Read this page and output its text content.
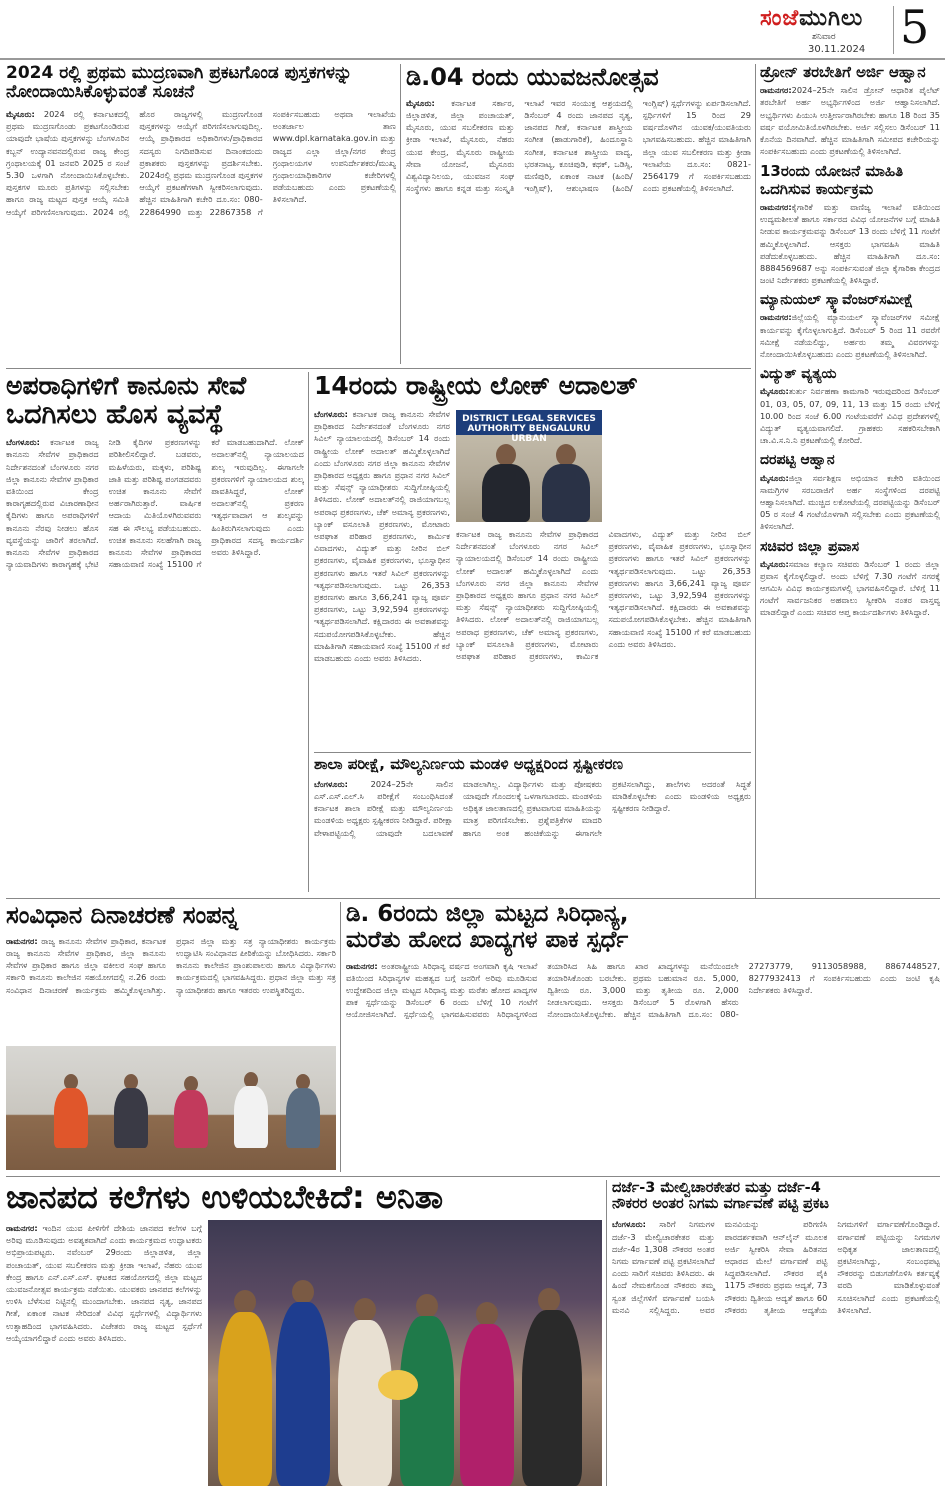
ಸಂಜೆಮುಗಿಲು
ಶನಿವಾರ
30.11.2024 5
2024 ರಲ್ಲಿ ಪ್ರಥಮ ಮುದ್ರಣವಾಗಿ ಪ್ರಕಟಗೊಂಡ ಪುಸ್ತಕಗಳನ್ನು ನೋಂದಾಯಿಸಿಕೊಳ್ಳುವಂತೆ ಸೂಚನೆ
ಮೈಸೂರು: 2024 ರಲ್ಲಿ ಕರ್ನಾಟಕದಲ್ಲಿ ಪ್ರಥಮ ಮುದ್ರಣಗೊಂಡು ಪ್ರಕಟಗೊಂಡಿರುವ ಯಾವುದೇ ಭಾಷೆಯ ಪುಸ್ತಕಗಳನ್ನು ಬೆಂಗಳೂರಿನ ಕಬ್ಬನ್ ಉದ್ಯಾನವನದಲ್ಲಿರುವ ರಾಜ್ಯ ಕೇಂದ್ರ ಗ್ರಂಥಾಲಯಕ್ಕೆ 01 ಜನವರಿ 2025 ರ ಸಂಜೆ 5.30 ಒಳಗಾಗಿ ನೋಂದಾಯಿಸಿಕೊಳ್ಳಬೇಕು. ಪುಸ್ತಕಗಳ ಮೂರು ಪ್ರತಿಗಳನ್ನು ಸಲ್ಲಿಸಬೇಕು ಹಾಗೂ ರಾಜ್ಯ ಮಟ್ಟದ ಪುಸ್ತಕ ಆಯ್ಕೆ ಸಮಿತಿ ಆಯ್ಕೆಗೆ ಪರಿಗಣಿಸಲಾಗುವುದು. 2024 ರಲ್ಲಿ ಹೊರ ರಾಜ್ಯಗಳಲ್ಲಿ ಮುದ್ರಣಗೊಂಡ ಪುಸ್ತಕಗಳನ್ನು ಆಯ್ಕೆಗೆ ಪರಿಗಣಿಸಲಾಗುವುದಿಲ್ಲ. ಆಯ್ಕೆ ಪ್ರಾಧಿಕಾರದ ಅಧಿಕಾರಿಗಳು/ಪ್ರಾಧಿಕಾರದ ಸದಸ್ಯರು ನಿಗದಿಪಡಿಸುವ ದಿನಾಂಕದಂದು ಪ್ರಕಾಶಕರು ಪುಸ್ತಕಗಳನ್ನು ಪ್ರದರ್ಶಿಸಬೇಕು. 2024ರಲ್ಲಿ ಪ್ರಥಮ ಮುದ್ರಣಗೊಂಡ ಪುಸ್ತಕಗಳ ಆಯ್ಕೆಗೆ ಪ್ರಕಟಣೆಗಳಾಗಿ ಸ್ವೀಕರಿಸಲಾಗುವುದು. ಹೆಚ್ಚಿನ ಮಾಹಿತಿಗಾಗಿ ಕಚೇರಿ ದೂ.ಸಂ: 080-22864990 ಮತ್ತು 22867358 ಗೆ ಸಂಪರ್ಕಿಸಬಹುದು ಅಥವಾ ಇಲಾಖೆಯ ಅಂತರ್ಜಾಲ ತಾಣ www.dpl.karnataka.gov.in ಮತ್ತು ರಾಜ್ಯದ ಎಲ್ಲಾ ಜಿಲ್ಲಾ/ನಗರ ಕೇಂದ್ರ ಗ್ರಂಥಾಲಯಗಳ ಉಪನಿರ್ದೇಶಕರು/ಮುಖ್ಯ ಗ್ರಂಥಾಲಯಾಧಿಕಾರಿಗಳ ಕಚೇರಿಗಳಲ್ಲಿ ಪಡೆಯಬಹುದು ಎಂದು ಪ್ರಕಟಣೆಯಲ್ಲಿ ತಿಳಿಸಲಾಗಿದೆ.
ಡಿ.04 ರಂದು ಯುವಜನೋತ್ಸವ
ಮೈಸೂರು: ಕರ್ನಾಟಕ ಸರ್ಕಾರ, ಜಿಲ್ಲಾಡಳಿತ, ಜಿಲ್ಲಾ ಪಂಚಾಯತ್, ಮೈಸೂರು, ಯುವ ಸಬಲೀಕರಣ ಮತ್ತು ಕ್ರೀಡಾ ಇಲಾಖೆ, ಮೈಸೂರು, ನೆಹರು ಯುವ ಕೇಂದ್ರ, ಮೈಸೂರು ರಾಷ್ಟ್ರೀಯ ಸೇವಾ ಯೋಜನೆ, ಮೈಸೂರು ವಿಶ್ವವಿದ್ಯಾನಿಲಯ, ಯುವಜನ ಸಂಘ ಸಂಸ್ಥೆಗಳು ಹಾಗೂ ಕನ್ನಡ ಮತ್ತು ಸಂಸ್ಕೃತಿ ಇಲಾಖೆ ಇವರ ಸಂಯುಕ್ತ ಆಶ್ರಯದಲ್ಲಿ ಡಿಸೆಂಬರ್ 4 ರಂದು ಜಾನಪದ ನೃತ್ಯ, ಜಾನಪದ ಗೀತೆ, ಕರ್ನಾಟಕ ಶಾಸ್ತ್ರೀಯ ಸಂಗೀತ (ಹಾಡುಗಾರಿಕೆ), ಹಿಂದೂಸ್ಥಾನಿ ಸಂಗೀತ, ಕರ್ನಾಟಕ ಶಾಸ್ತ್ರೀಯ ವಾದ್ಯ, ಭರತನಾಟ್ಯ, ಕೂಚಿಪುಡಿ, ಕಥಕ್, ಒಡಿಸ್ಸಿ, ಮಣಿಪುರಿ, ಏಕಾಂಕ ನಾಟಕ (ಹಿಂದಿ/ಇಂಗ್ಲಿಷ್), ಆಶುಭಾಷಣ (ಹಿಂದಿ/ಇಂಗ್ಲಿಷ್) ಸ್ಪರ್ಧೆಗಳನ್ನು ಏರ್ಪಡಿಸಲಾಗಿದೆ. ಸ್ಪರ್ಧಿಗಳಿಗೆ 15 ರಿಂದ 29 ವರ್ಷದೊಳಗಿನ ಯುವಕ/ಯುವತಿಯರು ಭಾಗವಹಿಸಬಹುದು. ಹೆಚ್ಚಿನ ಮಾಹಿತಿಗಾಗಿ ಜಿಲ್ಲಾ ಯುವ ಸಬಲೀಕರಣ ಮತ್ತು ಕ್ರೀಡಾ ಇಲಾಖೆಯ ದೂ.ಸಂ: 0821-2564179 ಗೆ ಸಂಪರ್ಕಿಸಬಹುದು ಎಂದು ಪ್ರಕಟಣೆಯಲ್ಲಿ ತಿಳಿಸಲಾಗಿದೆ.
ಡ್ರೋನ್ ತರಬೇತಿಗೆ ಅರ್ಜಿ ಆಹ್ವಾನ
ರಾಮನಗರ:2024–25ನೇ ಸಾಲಿನ ಡ್ರೋನ್ ಆಧಾರಿತ ಪೈಲೆಟ್ ತರಬೇತಿಗೆ ಅರ್ಹ ಅಭ್ಯರ್ಥಿಗಳಿಂದ ಅರ್ಜಿ ಆಹ್ವಾನಿಸಲಾಗಿದೆ. ಅಭ್ಯರ್ಥಿಗಳು ಪಿಯುಸಿ ಉತ್ತೀರ್ಣರಾಗಿರಬೇಕು ಹಾಗೂ 18 ರಿಂದ 35 ವರ್ಷ ವಯೋಮಿತಿಯೊಳಗಿರಬೇಕು. ಅರ್ಜಿ ಸಲ್ಲಿಸಲು ಡಿಸೆಂಬರ್ 11 ಕೊನೆಯ ದಿನವಾಗಿದೆ. ಹೆಚ್ಚಿನ ಮಾಹಿತಿಗಾಗಿ ಸಮೀಪದ ಕಚೇರಿಯನ್ನು ಸಂಪರ್ಕಿಸಬಹುದು ಎಂದು ಪ್ರಕಟಣೆಯಲ್ಲಿ ತಿಳಿಸಲಾಗಿದೆ.
13ರಂದು ಯೋಜನೆ ಮಾಹಿತಿ ಒದಗಿಸುವ ಕಾರ್ಯಕ್ರಮ
ರಾಮನಗರ:ಕೈಗಾರಿಕೆ ಮತ್ತು ವಾಣಿಜ್ಯ ಇಲಾಖೆ ವತಿಯಿಂದ ಉದ್ಯಮಶೀಲತೆ ಹಾಗೂ ಸರ್ಕಾರದ ವಿವಿಧ ಯೋಜನೆಗಳ ಬಗ್ಗೆ ಮಾಹಿತಿ ನೀಡುವ ಕಾರ್ಯಕ್ರಮವನ್ನು ಡಿಸೆಂಬರ್ 13 ರಂದು ಬೆಳಿಗ್ಗೆ 11 ಗಂಟೆಗೆ ಹಮ್ಮಿಕೊಳ್ಳಲಾಗಿದೆ. ಆಸಕ್ತರು ಭಾಗವಹಿಸಿ ಮಾಹಿತಿ ಪಡೆದುಕೊಳ್ಳಬಹುದು. ಹೆಚ್ಚಿನ ಮಾಹಿತಿಗಾಗಿ ದೂ.ಸಂ: 8884569687 ಅನ್ನು ಸಂಪರ್ಕಿಸುವಂತೆ ಜಿಲ್ಲಾ ಕೈಗಾರಿಕಾ ಕೇಂದ್ರದ ಜಂಟಿ ನಿರ್ದೇಶಕರು ಪ್ರಕಟಣೆಯಲ್ಲಿ ತಿಳಿಸಿದ್ದಾರೆ.
ಮ್ಯಾನುಯಲ್ ಸ್ಕ್ಯಾವೆಂಜರ್‌ಸಮೀಕ್ಷೆ
ರಾಮನಗರ:ಜಿಲ್ಲೆಯಲ್ಲಿ ಮ್ಯಾನುಯಲ್ ಸ್ಕ್ಯಾವೆಂಜರ್‌ಗಳ ಸಮೀಕ್ಷೆ ಕಾರ್ಯವನ್ನು ಕೈಗೊಳ್ಳಲಾಗುತ್ತಿದೆ. ಡಿಸೆಂಬರ್ 5 ರಿಂದ 11 ರವರೆಗೆ ಸಮೀಕ್ಷೆ ನಡೆಯಲಿದ್ದು, ಅರ್ಹರು ತಮ್ಮ ವಿವರಗಳನ್ನು ನೋಂದಾಯಿಸಿಕೊಳ್ಳಬಹುದು ಎಂದು ಪ್ರಕಟಣೆಯಲ್ಲಿ ತಿಳಿಸಲಾಗಿದೆ.
ವಿದ್ಯುತ್ ವ್ಯತ್ಯಯ
ಮೈಸೂರು:ತುರ್ತು ನಿರ್ವಹಣಾ ಕಾಮಗಾರಿ ಇರುವುದರಿಂದ ಡಿಸೆಂಬರ್ 01, 03, 05, 07, 09, 11, 13 ಮತ್ತು 15 ರಂದು ಬೆಳಿಗ್ಗೆ 10.00 ರಿಂದ ಸಂಜೆ 6.00 ಗಂಟೆಯವರೆಗೆ ವಿವಿಧ ಪ್ರದೇಶಗಳಲ್ಲಿ ವಿದ್ಯುತ್ ವ್ಯತ್ಯಯವಾಗಲಿದೆ. ಗ್ರಾಹಕರು ಸಹಕರಿಸಬೇಕಾಗಿ ಚಾ.ವಿ.ಸ.ನಿ.ನಿ ಪ್ರಕಟಣೆಯಲ್ಲಿ ಕೋರಿದೆ.
ದರಪಟ್ಟಿ ಆಹ್ವಾನ
ಮೈಸೂರು:ಜಿಲ್ಲಾ ಸರ್ವಶಿಕ್ಷಣ ಅಭಿಯಾನ ಕಚೇರಿ ವತಿಯಿಂದ ಸಾಮಗ್ರಿಗಳ ಸರಬರಾಜಿಗೆ ಅರ್ಹ ಸಂಸ್ಥೆಗಳಿಂದ ದರಪಟ್ಟಿ ಆಹ್ವಾನಿಸಲಾಗಿದೆ. ಮುಚ್ಚಿದ ಲಕೋಟೆಯಲ್ಲಿ ದರಪಟ್ಟಿಯನ್ನು ಡಿಸೆಂಬರ್ 05 ರ ಸಂಜೆ 4 ಗಂಟೆಯೊಳಗಾಗಿ ಸಲ್ಲಿಸಬೇಕು ಎಂದು ಪ್ರಕಟಣೆಯಲ್ಲಿ ತಿಳಿಸಲಾಗಿದೆ.
ಸಚಿವರ ಜಿಲ್ಲಾ ಪ್ರವಾಸ
ಮೈಸೂರು:ಸಮಾಜ ಕಲ್ಯಾಣ ಸಚಿವರು ಡಿಸೆಂಬರ್ 1 ರಂದು ಜಿಲ್ಲಾ ಪ್ರವಾಸ ಕೈಗೊಳ್ಳಲಿದ್ದಾರೆ. ಅಂದು ಬೆಳಿಗ್ಗೆ 7.30 ಗಂಟೆಗೆ ನಗರಕ್ಕೆ ಆಗಮಿಸಿ ವಿವಿಧ ಕಾರ್ಯಕ್ರಮಗಳಲ್ಲಿ ಭಾಗವಹಿಸಲಿದ್ದಾರೆ. ಬೆಳಿಗ್ಗೆ 11 ಗಂಟೆಗೆ ಸಾರ್ವಜನಿಕರ ಅಹವಾಲು ಸ್ವೀಕರಿಸಿ ನಂತರ ವಾಸ್ತವ್ಯ ಮಾಡಲಿದ್ದಾರೆ ಎಂದು ಸಚಿವರ ಆಪ್ತ ಕಾರ್ಯದರ್ಶಿಗಳು ತಿಳಿಸಿದ್ದಾರೆ.
ಅಪರಾಧಿಗಳಿಗೆ ಕಾನೂನು ಸೇವೆ
ಒದಗಿಸಲು ಹೊಸ ವ್ಯವಸ್ಥೆ
ಬೆಂಗಳೂರು: ಕರ್ನಾಟಕ ರಾಜ್ಯ ಕಾನೂನು ಸೇವೆಗಳ ಪ್ರಾಧಿಕಾರದ ನಿರ್ದೇಶನದಂತೆ ಬೆಂಗಳೂರು ನಗರ ಜಿಲ್ಲಾ ಕಾನೂನು ಸೇವೆಗಳ ಪ್ರಾಧಿಕಾರ ವತಿಯಿಂದ ಕೇಂದ್ರ ಕಾರಾಗೃಹದಲ್ಲಿರುವ ವಿಚಾರಣಾಧೀನ ಕೈದಿಗಳು ಹಾಗೂ ಅಪರಾಧಿಗಳಿಗೆ ಕಾನೂನು ನೆರವು ನೀಡಲು ಹೊಸ ವ್ಯವಸ್ಥೆಯನ್ನು ಜಾರಿಗೆ ತರಲಾಗಿದೆ. ಕಾನೂನು ಸೇವೆಗಳ ಪ್ರಾಧಿಕಾರದ ನ್ಯಾಯವಾದಿಗಳು ಕಾರಾಗೃಹಕ್ಕೆ ಭೇಟಿ ನೀಡಿ ಕೈದಿಗಳ ಪ್ರಕರಣಗಳನ್ನು ಪರಿಶೀಲಿಸಲಿದ್ದಾರೆ. ಬಡವರು, ಮಹಿಳೆಯರು, ಮಕ್ಕಳು, ಪರಿಶಿಷ್ಟ ಜಾತಿ ಮತ್ತು ಪರಿಶಿಷ್ಟ ಪಂಗಡದವರು ಉಚಿತ ಕಾನೂನು ಸೇವೆಗೆ ಅರ್ಹರಾಗಿರುತ್ತಾರೆ. ವಾರ್ಷಿಕ ಆದಾಯ ಮಿತಿಯೊಳಗಿರುವವರು ಸಹ ಈ ಸೌಲಭ್ಯ ಪಡೆಯಬಹುದು. ಉಚಿತ ಕಾನೂನು ಸಲಹೆಗಾಗಿ ರಾಜ್ಯ ಕಾನೂನು ಸೇವೆಗಳ ಪ್ರಾಧಿಕಾರದ ಸಹಾಯವಾಣಿ ಸಂಖ್ಯೆ 15100 ಗೆ ಕರೆ ಮಾಡಬಹುದಾಗಿದೆ. ಲೋಕ್ ಅದಾಲತ್‌ನಲ್ಲಿ ನ್ಯಾಯಾಲಯದ ಶುಲ್ಕ ಇರುವುದಿಲ್ಲ. ಈಗಾಗಲೇ ಪ್ರಕರಣಗಳಿಗೆ ನ್ಯಾಯಾಲಯದ ಶುಲ್ಕ ಪಾವತಿಸಿದ್ದರೆ, ಲೋಕ್ ಅದಾಲತ್‌ನಲ್ಲಿ ಪ್ರಕರಣ ಇತ್ಯರ್ಥವಾದಾಗ ಆ ಶುಲ್ಕವನ್ನು ಹಿಂತಿರುಗಿಸಲಾಗುವುದು ಎಂದು ಪ್ರಾಧಿಕಾರದ ಸದಸ್ಯ ಕಾರ್ಯದರ್ಶಿ ಅವರು ತಿಳಿಸಿದ್ದಾರೆ.
14ರಂದು ರಾಷ್ಟ್ರೀಯ ಲೋಕ್ ಅದಾಲತ್
ಬೆಂಗಳೂರು: ಕರ್ನಾಟಕ ರಾಜ್ಯ ಕಾನೂನು ಸೇವೆಗಳ ಪ್ರಾಧಿಕಾರದ ನಿರ್ದೇಶನದಂತೆ ಬೆಂಗಳೂರು ನಗರ ಸಿವಿಲ್ ನ್ಯಾಯಾಲಯದಲ್ಲಿ ಡಿಸೆಂಬರ್ 14 ರಂದು ರಾಷ್ಟ್ರೀಯ ಲೋಕ್ ಅದಾಲತ್ ಹಮ್ಮಿಕೊಳ್ಳಲಾಗಿದೆ ಎಂದು ಬೆಂಗಳೂರು ನಗರ ಜಿಲ್ಲಾ ಕಾನೂನು ಸೇವೆಗಳ ಪ್ರಾಧಿಕಾರದ ಅಧ್ಯಕ್ಷರು ಹಾಗೂ ಪ್ರಧಾನ ನಗರ ಸಿವಿಲ್ ಮತ್ತು ಸೆಷನ್ಸ್ ನ್ಯಾಯಾಧೀಶರು ಸುದ್ದಿಗೋಷ್ಠಿಯಲ್ಲಿ ತಿಳಿಸಿದರು. ಲೋಕ್ ಅದಾಲತ್‌ನಲ್ಲಿ ರಾಜಿಯಾಗಬಲ್ಲ ಅಪರಾಧ ಪ್ರಕರಣಗಳು, ಚೆಕ್ ಅಮಾನ್ಯ ಪ್ರಕರಣಗಳು, ಬ್ಯಾಂಕ್ ವಸೂಲಾತಿ ಪ್ರಕರಣಗಳು, ಮೋಟಾರು ಅಪಘಾತ ಪರಿಹಾರ ಪ್ರಕರಣಗಳು, ಕಾರ್ಮಿಕ ವಿವಾದಗಳು, ವಿದ್ಯುತ್ ಮತ್ತು ನೀರಿನ ಬಿಲ್ ಪ್ರಕರಣಗಳು, ವೈವಾಹಿಕ ಪ್ರಕರಣಗಳು, ಭೂಸ್ವಾಧೀನ ಪ್ರಕರಣಗಳು ಹಾಗೂ ಇತರೆ ಸಿವಿಲ್ ಪ್ರಕರಣಗಳನ್ನು ಇತ್ಯರ್ಥಪಡಿಸಲಾಗುವುದು. ಒಟ್ಟು 26,353 ಪ್ರಕರಣಗಳು ಹಾಗೂ 3,66,241 ವ್ಯಾಜ್ಯ ಪೂರ್ವ ಪ್ರಕರಣಗಳು, ಒಟ್ಟು 3,92,594 ಪ್ರಕರಣಗಳನ್ನು ಇತ್ಯರ್ಥಪಡಿಸಲಾಗಿದೆ. ಕಕ್ಷಿದಾರರು ಈ ಅವಕಾಶವನ್ನು ಸದುಪಯೋಗಪಡಿಸಿಕೊಳ್ಳಬೇಕು. ಹೆಚ್ಚಿನ ಮಾಹಿತಿಗಾಗಿ ಸಹಾಯವಾಣಿ ಸಂಖ್ಯೆ 15100 ಗೆ ಕರೆ ಮಾಡಬಹುದು ಎಂದು ಅವರು ತಿಳಿಸಿದರು.
DISTRICT LEGAL SERVICES AUTHORITY BENGALURU URBAN
ಕರ್ನಾಟಕ ರಾಜ್ಯ ಕಾನೂನು ಸೇವೆಗಳ ಪ್ರಾಧಿಕಾರದ ನಿರ್ದೇಶನದಂತೆ ಬೆಂಗಳೂರು ನಗರ ಸಿವಿಲ್ ನ್ಯಾಯಾಲಯದಲ್ಲಿ ಡಿಸೆಂಬರ್ 14 ರಂದು ರಾಷ್ಟ್ರೀಯ ಲೋಕ್ ಅದಾಲತ್ ಹಮ್ಮಿಕೊಳ್ಳಲಾಗಿದೆ ಎಂದು ಬೆಂಗಳೂರು ನಗರ ಜಿಲ್ಲಾ ಕಾನೂನು ಸೇವೆಗಳ ಪ್ರಾಧಿಕಾರದ ಅಧ್ಯಕ್ಷರು ಹಾಗೂ ಪ್ರಧಾನ ನಗರ ಸಿವಿಲ್ ಮತ್ತು ಸೆಷನ್ಸ್ ನ್ಯಾಯಾಧೀಶರು ಸುದ್ದಿಗೋಷ್ಠಿಯಲ್ಲಿ ತಿಳಿಸಿದರು. ಲೋಕ್ ಅದಾಲತ್‌ನಲ್ಲಿ ರಾಜಿಯಾಗಬಲ್ಲ ಅಪರಾಧ ಪ್ರಕರಣಗಳು, ಚೆಕ್ ಅಮಾನ್ಯ ಪ್ರಕರಣಗಳು, ಬ್ಯಾಂಕ್ ವಸೂಲಾತಿ ಪ್ರಕರಣಗಳು, ಮೋಟಾರು ಅಪಘಾತ ಪರಿಹಾರ ಪ್ರಕರಣಗಳು, ಕಾರ್ಮಿಕ ವಿವಾದಗಳು, ವಿದ್ಯುತ್ ಮತ್ತು ನೀರಿನ ಬಿಲ್ ಪ್ರಕರಣಗಳು, ವೈವಾಹಿಕ ಪ್ರಕರಣಗಳು, ಭೂಸ್ವಾಧೀನ ಪ್ರಕರಣಗಳು ಹಾಗೂ ಇತರೆ ಸಿವಿಲ್ ಪ್ರಕರಣಗಳನ್ನು ಇತ್ಯರ್ಥಪಡಿಸಲಾಗುವುದು. ಒಟ್ಟು 26,353 ಪ್ರಕರಣಗಳು ಹಾಗೂ 3,66,241 ವ್ಯಾಜ್ಯ ಪೂರ್ವ ಪ್ರಕರಣಗಳು, ಒಟ್ಟು 3,92,594 ಪ್ರಕರಣಗಳನ್ನು ಇತ್ಯರ್ಥಪಡಿಸಲಾಗಿದೆ. ಕಕ್ಷಿದಾರರು ಈ ಅವಕಾಶವನ್ನು ಸದುಪಯೋಗಪಡಿಸಿಕೊಳ್ಳಬೇಕು. ಹೆಚ್ಚಿನ ಮಾಹಿತಿಗಾಗಿ ಸಹಾಯವಾಣಿ ಸಂಖ್ಯೆ 15100 ಗೆ ಕರೆ ಮಾಡಬಹುದು ಎಂದು ಅವರು ತಿಳಿಸಿದರು.
ಶಾಲಾ ಪರೀಕ್ಷೆ, ಮೌಲ್ಯನಿರ್ಣಯ ಮಂಡಳಿ ಅಧ್ಯಕ್ಷರಿಂದ ಸ್ಪಷ್ಟೀಕರಣ
ಬೆಂಗಳೂರು:	2024–25ನೇ ಸಾಲಿನ ಎಸ್.ಎಸ್.ಎಲ್.ಸಿ ಪರೀಕ್ಷೆಗೆ ಸಂಬಂಧಿಸಿದಂತೆ ಕರ್ನಾಟಕ ಶಾಲಾ ಪರೀಕ್ಷೆ ಮತ್ತು ಮೌಲ್ಯನಿರ್ಣಯ ಮಂಡಳಿಯ ಅಧ್ಯಕ್ಷರು ಸ್ಪಷ್ಟೀಕರಣ ನೀಡಿದ್ದಾರೆ. ಪರೀಕ್ಷಾ ವೇಳಾಪಟ್ಟಿಯಲ್ಲಿ ಯಾವುದೇ ಬದಲಾವಣೆ ಮಾಡಲಾಗಿಲ್ಲ. ವಿದ್ಯಾರ್ಥಿಗಳು ಮತ್ತು ಪೋಷಕರು ಯಾವುದೇ ಗೊಂದಲಕ್ಕೆ ಒಳಗಾಗಬಾರದು. ಮಂಡಳಿಯ ಅಧಿಕೃತ ಜಾಲತಾಣದಲ್ಲಿ ಪ್ರಕಟವಾಗುವ ಮಾಹಿತಿಯನ್ನು ಮಾತ್ರ ಪರಿಗಣಿಸಬೇಕು. ಪ್ರಶ್ನೆಪತ್ರಿಕೆಗಳ ಮಾದರಿ ಹಾಗೂ ಅಂಕ ಹಂಚಿಕೆಯನ್ನು ಈಗಾಗಲೇ ಪ್ರಕಟಿಸಲಾಗಿದ್ದು, ಶಾಲೆಗಳು ಅದರಂತೆ ಸಿದ್ಧತೆ ಮಾಡಿಕೊಳ್ಳಬೇಕು ಎಂದು ಮಂಡಳಿಯ ಅಧ್ಯಕ್ಷರು ಸ್ಪಷ್ಟೀಕರಣ ನೀಡಿದ್ದಾರೆ.
ಸಂವಿಧಾನ ದಿನಾಚರಣೆ ಸಂಪನ್ನ
ರಾಮನಗರ: ರಾಜ್ಯ ಕಾನೂನು ಸೇವೆಗಳ ಪ್ರಾಧಿಕಾರ, ಕರ್ನಾಟಕ ರಾಜ್ಯ ಕಾನೂನು ಸೇವೆಗಳ ಪ್ರಾಧಿಕಾರ, ಜಿಲ್ಲಾ ಕಾನೂನು ಸೇವೆಗಳ ಪ್ರಾಧಿಕಾರ ಹಾಗೂ ಜಿಲ್ಲಾ ವಕೀಲರ ಸಂಘ ಹಾಗೂ ಸರ್ಕಾರಿ ಕಾನೂನು ಕಾಲೇಜಿನ ಸಹಯೋಗದಲ್ಲಿ ನ.26 ರಂದು ಸಂವಿಧಾನ ದಿನಾಚರಣೆ ಕಾರ್ಯಕ್ರಮ ಹಮ್ಮಿಕೊಳ್ಳಲಾಗಿತ್ತು. ಪ್ರಧಾನ ಜಿಲ್ಲಾ ಮತ್ತು ಸತ್ರ ನ್ಯಾಯಾಧೀಶರು ಕಾರ್ಯಕ್ರಮ ಉದ್ಘಾಟಿಸಿ ಸಂವಿಧಾನದ ಪೀಠಿಕೆಯನ್ನು ಬೋಧಿಸಿದರು. ಸರ್ಕಾರಿ ಕಾನೂನು ಕಾಲೇಜಿನ ಪ್ರಾಂಶುಪಾಲರು ಹಾಗೂ ವಿದ್ಯಾರ್ಥಿಗಳು ಕಾರ್ಯಕ್ರಮದಲ್ಲಿ ಭಾಗವಹಿಸಿದ್ದರು. ಪ್ರಧಾನ ಜಿಲ್ಲಾ ಮತ್ತು ಸತ್ರ ನ್ಯಾಯಾಧೀಶರು ಹಾಗೂ ಇತರರು ಉಪಸ್ಥಿತರಿದ್ದರು.
ಡಿ. 6ರಂದು ಜಿಲ್ಲಾ ಮಟ್ಟದ ಸಿರಿಧಾನ್ಯ,
ಮರೆತು ಹೋದ ಖಾದ್ಯಗಳ ಪಾಕ ಸ್ಪರ್ಧೆ
ರಾಮನಗರ: ಅಂತರಾಷ್ಟ್ರೀಯ ಸಿರಿಧಾನ್ಯ ವರ್ಷದ ಅಂಗವಾಗಿ ಕೃಷಿ ಇಲಾಖೆ ವತಿಯಿಂದ ಸಿರಿಧಾನ್ಯಗಳ ಮಹತ್ವದ ಬಗ್ಗೆ ಜನರಿಗೆ ಅರಿವು ಮೂಡಿಸುವ ಉದ್ದೇಶದಿಂದ ಜಿಲ್ಲಾ ಮಟ್ಟದ ಸಿರಿಧಾನ್ಯ ಮತ್ತು ಮರೆತು ಹೋದ ಖಾದ್ಯಗಳ ಪಾಕ ಸ್ಪರ್ಧೆಯನ್ನು ಡಿಸೆಂಬರ್ 6 ರಂದು ಬೆಳಿಗ್ಗೆ 10 ಗಂಟೆಗೆ ಆಯೋಜಿಸಲಾಗಿದೆ. ಸ್ಪರ್ಧೆಯಲ್ಲಿ ಭಾಗವಹಿಸುವವರು ಸಿರಿಧಾನ್ಯಗಳಿಂದ ತಯಾರಿಸಿದ ಸಿಹಿ ಹಾಗೂ ಖಾರ ಖಾದ್ಯಗಳನ್ನು ಮನೆಯಿಂದಲೇ ತಯಾರಿಸಿಕೊಂಡು ಬರಬೇಕು. ಪ್ರಥಮ ಬಹುಮಾನ ರೂ. 5,000, ದ್ವಿತೀಯ ರೂ. 3,000 ಮತ್ತು ತೃತೀಯ ರೂ. 2,000 ನೀಡಲಾಗುವುದು. ಆಸಕ್ತರು ಡಿಸೆಂಬರ್ 5 ರೊಳಗಾಗಿ ಹೆಸರು ನೋಂದಾಯಿಸಿಕೊಳ್ಳಬೇಕು. ಹೆಚ್ಚಿನ ಮಾಹಿತಿಗಾಗಿ ದೂ.ಸಂ: 080-27273779, 9113058988, 8867448527, 8277932413 ಗೆ ಸಂಪರ್ಕಿಸಬಹುದು ಎಂದು ಜಂಟಿ ಕೃಷಿ ನಿರ್ದೇಶಕರು ತಿಳಿಸಿದ್ದಾರೆ.
ಜಾನಪದ ಕಲೆಗಳು ಉಳಿಯಬೇಕಿದೆ: ಅನಿತಾ
ರಾಮನಗರ: ಇಂದಿನ ಯುವ ಪೀಳಿಗೆಗೆ ದೇಶಿಯ ಜಾನಪದ ಕಲೆಗಳ ಬಗ್ಗೆ ಅರಿವು ಮೂಡಿಸುವುದು ಅವಶ್ಯಕವಾಗಿದೆ ಎಂದು ಕಾರ್ಯಕ್ರಮದ ಉದ್ಘಾಟಕರು ಅಭಿಪ್ರಾಯಪಟ್ಟರು. ನವೆಂಬರ್ 29ರಂದು ಜಿಲ್ಲಾಡಳಿತ, ಜಿಲ್ಲಾ ಪಂಚಾಯತ್, ಯುವ ಸಬಲೀಕರಣ ಮತ್ತು ಕ್ರೀಡಾ ಇಲಾಖೆ, ನೆಹರು ಯುವ ಕೇಂದ್ರ ಹಾಗೂ ಎನ್.ಎಸ್.ಎಸ್. ಘಟಕದ ಸಹಯೋಗದಲ್ಲಿ ಜಿಲ್ಲಾ ಮಟ್ಟದ ಯುವಜನೋತ್ಸವ ಕಾರ್ಯಕ್ರಮ ನಡೆಯಿತು. ಯುವಕರು ಜಾನಪದ ಕಲೆಗಳನ್ನು ಉಳಿಸಿ ಬೆಳೆಸುವ ನಿಟ್ಟಿನಲ್ಲಿ ಮುಂದಾಗಬೇಕು. ಜಾನಪದ ನೃತ್ಯ, ಜಾನಪದ ಗೀತೆ, ಏಕಾಂಕ ನಾಟಕ ಸೇರಿದಂತೆ ವಿವಿಧ ಸ್ಪರ್ಧೆಗಳಲ್ಲಿ ವಿದ್ಯಾರ್ಥಿಗಳು ಉತ್ಸಾಹದಿಂದ ಭಾಗವಹಿಸಿದರು. ವಿಜೇತರು ರಾಜ್ಯ ಮಟ್ಟದ ಸ್ಪರ್ಧೆಗೆ ಆಯ್ಕೆಯಾಗಲಿದ್ದಾರೆ ಎಂದು ಅವರು ತಿಳಿಸಿದರು.
ದರ್ಜೆ-3 ಮೇಲ್ವಿಚಾರಕೇತರ ಮತ್ತು ದರ್ಜೆ-4
ನೌಕರರ ಅಂತರ ನಿಗಮ ವರ್ಗಾವಣೆ ಪಟ್ಟಿ ಪ್ರಕಟ
ಬೆಂಗಳೂರು: ಸಾರಿಗೆ ನಿಗಮಗಳ ದರ್ಜೆ-3 ಮೇಲ್ವಿಚಾರಕೇತರ ಮತ್ತು ದರ್ಜೆ-4ರ 1,308 ನೌಕರರ ಅಂತರ ನಿಗಮ ವರ್ಗಾವಣೆ ಪಟ್ಟಿ ಪ್ರಕಟಿಸಲಾಗಿದೆ ಎಂದು ಸಾರಿಗೆ ಸಚಿವರು ತಿಳಿಸಿದರು. ಈ ಹಿಂದೆ ನೇಮಕಗೊಂಡ ನೌಕರರು ತಮ್ಮ ಸ್ವಂತ ಜಿಲ್ಲೆಗಳಿಗೆ ವರ್ಗಾವಣೆ ಬಯಸಿ ಮನವಿ ಸಲ್ಲಿಸಿದ್ದರು. ಅವರ ಮನವಿಯನ್ನು ಪರಿಗಣಿಸಿ ಪಾರದರ್ಶಕವಾಗಿ ಆನ್‌ಲೈನ್ ಮೂಲಕ ಅರ್ಜಿ ಸ್ವೀಕರಿಸಿ ಸೇವಾ ಹಿರಿತನದ ಆಧಾರದ ಮೇಲೆ ವರ್ಗಾವಣೆ ಪಟ್ಟಿ ಸಿದ್ಧಪಡಿಸಲಾಗಿದೆ. ನೌಕರರ ಪೈಕಿ 1175 ನೌಕರರು ಪ್ರಥಮ ಆದ್ಯತೆ, 73 ನೌಕರರು ದ್ವಿತೀಯ ಆದ್ಯತೆ ಹಾಗೂ 60 ನೌಕರರು ತೃತೀಯ ಆದ್ಯತೆಯ ನಿಗಮಗಳಿಗೆ ವರ್ಗಾವಣೆಗೊಂಡಿದ್ದಾರೆ. ವರ್ಗಾವಣೆ ಪಟ್ಟಿಯನ್ನು ನಿಗಮಗಳ ಅಧಿಕೃತ ಜಾಲತಾಣದಲ್ಲಿ ಪ್ರಕಟಿಸಲಾಗಿದ್ದು, ಸಂಬಂಧಪಟ್ಟ ನೌಕರರನ್ನು ಬಿಡುಗಡೆಗೊಳಿಸಿ ಕರ್ತವ್ಯಕ್ಕೆ ವರದಿ ಮಾಡಿಕೊಳ್ಳುವಂತೆ ಸೂಚಿಸಲಾಗಿದೆ ಎಂದು ಪ್ರಕಟಣೆಯಲ್ಲಿ ತಿಳಿಸಲಾಗಿದೆ.
